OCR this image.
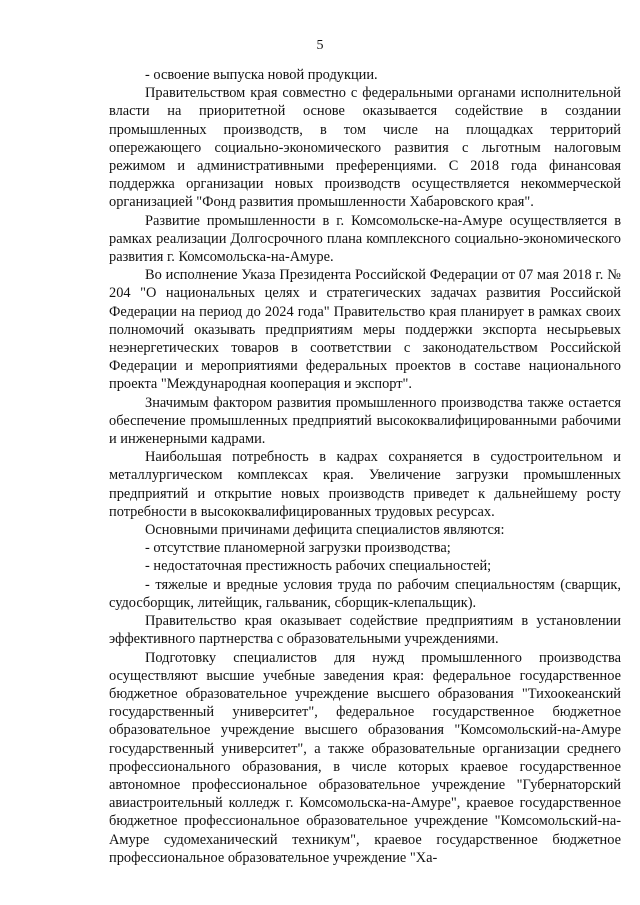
5

- освоение выпуска новой продукции.

Правительством края совместно с федеральными органами исполнительной власти на приоритетной основе оказывается содействие в создании промышленных производств, в том числе на площадках территорий опережающего социально-экономического развития с льготным налоговым режимом и административными преференциями. С 2018 года финансовая поддержка организации новых производств осуществляется некоммерческой организацией "Фонд развития промышленности Хабаровского края".

Развитие промышленности в г. Комсомольске-на-Амуре осуществляется в рамках реализации Долгосрочного плана комплексного социально-экономического развития г. Комсомольска-на-Амуре.

Во исполнение Указа Президента Российской Федерации от 07 мая 2018 г. № 204 "О национальных целях и стратегических задачах развития Российской Федерации на период до 2024 года" Правительство края планирует в рамках своих полномочий оказывать предприятиям меры поддержки экспорта несырьевых неэнергетических товаров в соответствии с законодательством Российской Федерации и мероприятиями федеральных проектов в составе национального проекта "Международная кооперация и экспорт".

Значимым фактором развития промышленного производства также остается обеспечение промышленных предприятий высококвалифицированными рабочими и инженерными кадрами.

Наибольшая потребность в кадрах сохраняется в судостроительном и металлургическом комплексах края. Увеличение загрузки промышленных предприятий и открытие новых производств приведет к дальнейшему росту потребности в высококвалифицированных трудовых ресурсах.

Основными причинами дефицита специалистов являются:

- отсутствие планомерной загрузки производства;

- недостаточная престижность рабочих специальностей;

- тяжелые и вредные условия труда по рабочим специальностям (сварщик, судосборщик, литейщик, гальваник, сборщик-клепальщик).

Правительство края оказывает содействие предприятиям в установлении эффективного партнерства с образовательными учреждениями.

Подготовку специалистов для нужд промышленного производства осуществляют высшие учебные заведения края: федеральное государственное бюджетное образовательное учреждение высшего образования "Тихоокеанский государственный университет", федеральное государственное бюджетное образовательное учреждение высшего образования "Комсомольский-на-Амуре государственный университет", а также образовательные организации среднего профессионального образования, в числе которых краевое государственное автономное профессиональное образовательное учреждение "Губернаторский авиастроительный колледж г. Комсомольска-на-Амуре", краевое государственное бюджетное профессиональное образовательное учреждение "Комсомольский-на-Амуре судомеханический техникум", краевое государственное бюджетное профессиональное образовательное учреждение "Ха-
